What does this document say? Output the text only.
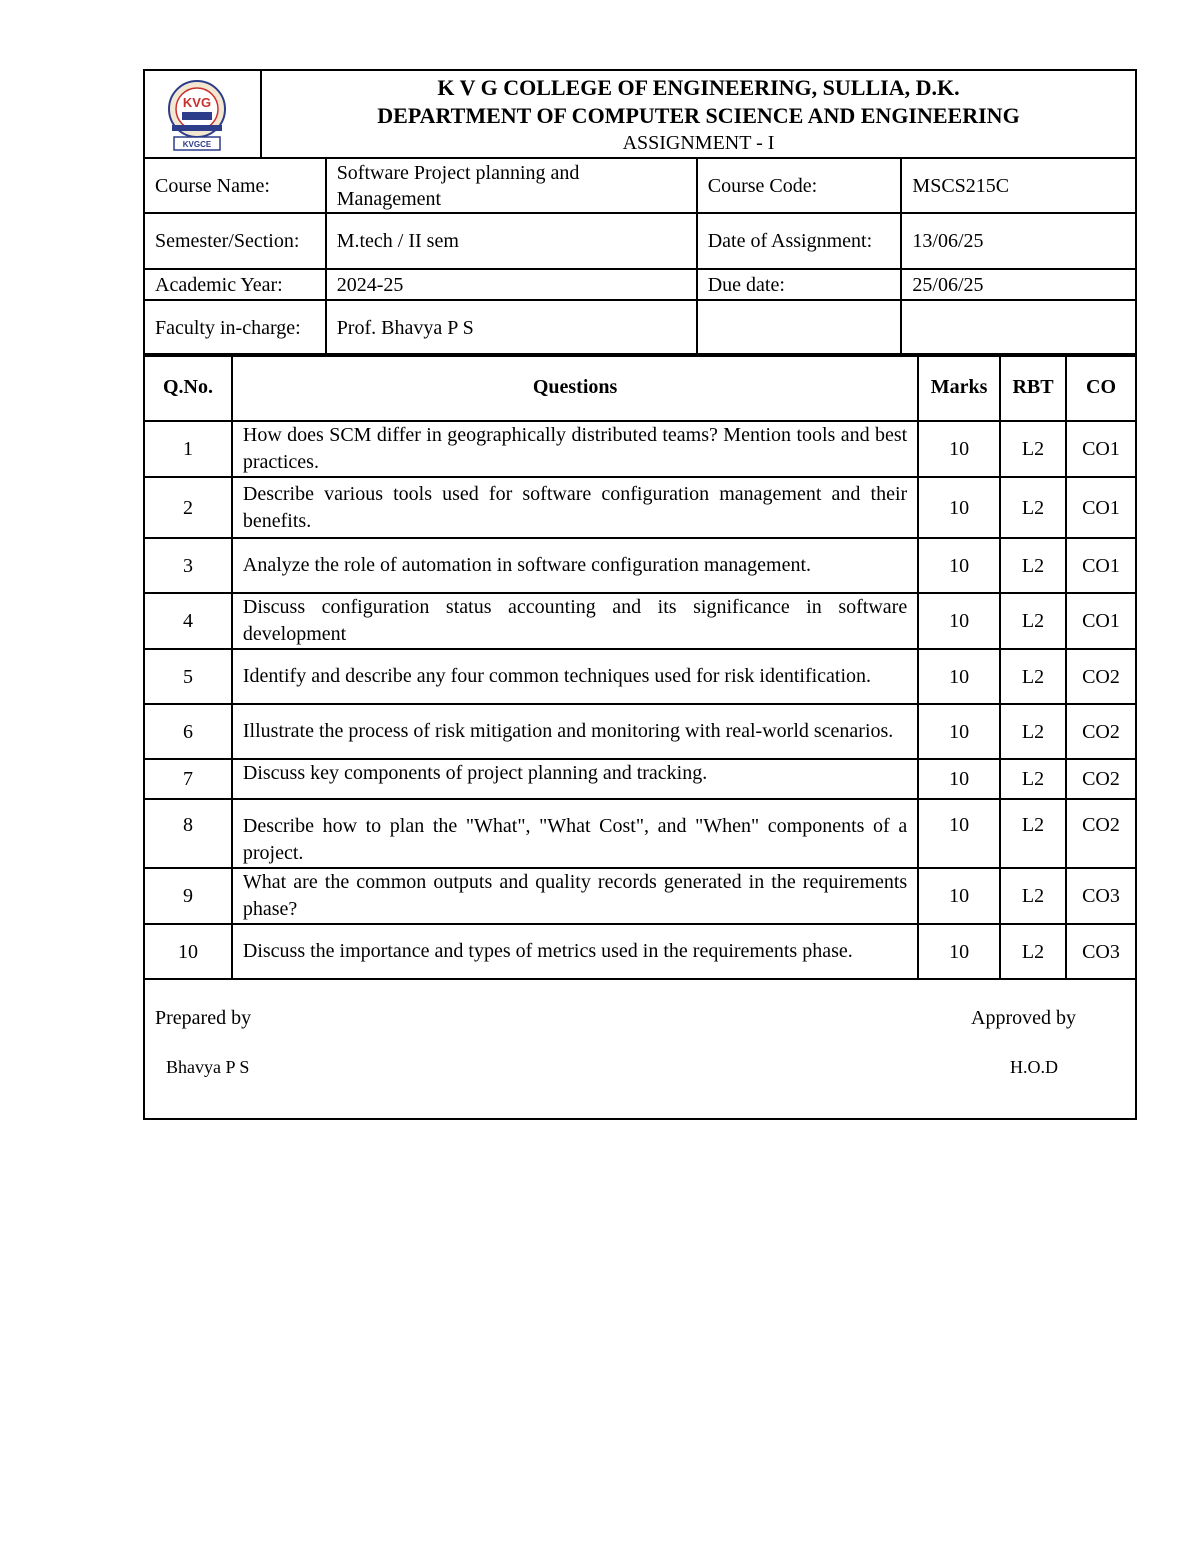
KVG
KVGCE
K V G COLLEGE OF ENGINEERING, SULLIA, D.K.
DEPARTMENT OF COMPUTER SCIENCE AND ENGINEERING
ASSIGNMENT - I
Course Name:	Software Project planning and Management	Course Code:	MSCS215C
Semester/Section:	M.tech / II sem	Date of Assignment:	13/06/25
Academic Year:	2024-25	Due date:	25/06/25
Faculty in-charge:	Prof. Bhavya P S		
Q.No.	Questions	Marks	RBT	CO
1	How does SCM differ in geographically distributed teams? Mention tools and best practices.	10	L2	CO1
2	Describe various tools used for software configuration management and their benefits.	10	L2	CO1
3	Analyze the role of automation in software configuration management.	10	L2	CO1
4	Discuss configuration status accounting and its significance in software development	10	L2	CO1
5	Identify and describe any four common techniques used for risk identification.	10	L2	CO2
6	Illustrate the process of risk mitigation and monitoring with real-world scenarios.	10	L2	CO2
7	Discuss key components of project planning and tracking.	10	L2	CO2
8	Describe how to plan the "What", "What Cost", and "When" components of a project.	10	L2	CO2
9	What are the common outputs and quality records generated in the requirements phase?	10	L2	CO3
10	Discuss the importance and types of metrics used in the requirements phase.	10	L2	CO3
Prepared by
Bhavya P S
Approved by
H.O.D
